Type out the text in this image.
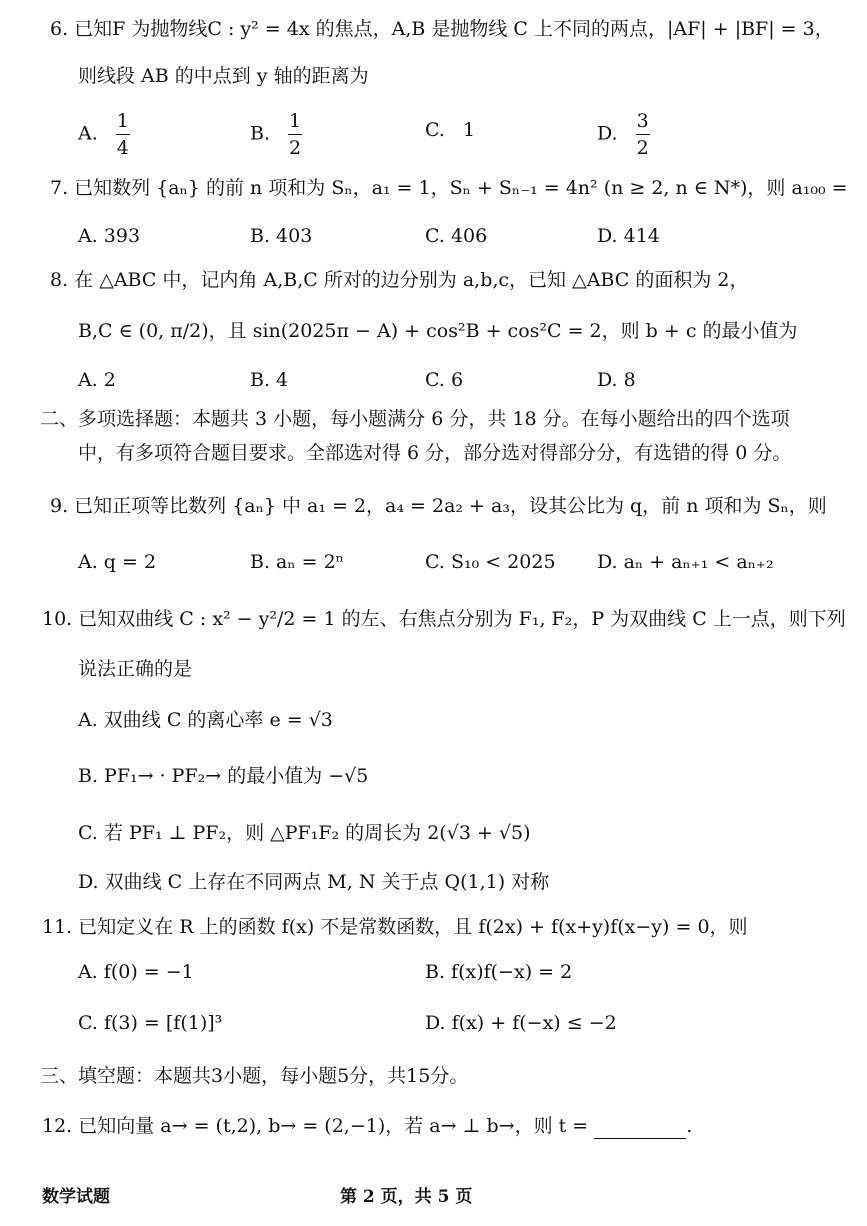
6. 已知F 为抛物线C : y² = 4x 的焦点，A,B 是抛物线 C 上不同的两点，|AF| + |BF| = 3，
则线段 AB 的中点到 y 轴的距离为
A. $\frac{1}{4}$	B. $\frac{1}{2}$	C. 1	D. $\frac{3}{2}$
7. 已知数列 {aₙ} 的前 n 项和为 Sₙ，a₁ = 1，Sₙ + Sₙ₋₁ = 4n² (n ≥ 2, n ∈ N*)，则 a₁₀₀ =
A. 393	B. 403	C. 406	D. 414
8. 在 △ABC 中，记内角 A,B,C 所对的边分别为 a,b,c，已知 △ABC 的面积为 2，
B,C ∈ (0, π/2)，且 sin(2025π − A) + cos²B + cos²C = 2，则 b + c 的最小值为
A. 2	B. 4	C. 6	D. 8
二、多项选择题：本题共 3 小题，每小题满分 6 分，共 18 分。在每小题给出的四个选项
中，有多项符合题目要求。全部选对得 6 分，部分选对得部分分，有选错的得 0 分。
9. 已知正项等比数列 {aₙ} 中 a₁ = 2，a₄ = 2a₂ + a₃，设其公比为 q，前 n 项和为 Sₙ，则
A. q = 2	B. aₙ = 2ⁿ	C. S₁₀ < 2025 D. aₙ + aₙ₊₁ < aₙ₊₂
10. 已知双曲线 C : x² − y²/2 = 1 的左、右焦点分别为 F₁, F₂，P 为双曲线 C 上一点，则下列
说法正确的是
A. 双曲线 C 的离心率 e = √3
B. PF₁→ · PF₂→ 的最小值为 −√5
C. 若 PF₁ ⊥ PF₂，则 △PF₁F₂ 的周长为 2(√3 + √5)
D. 双曲线 C 上存在不同两点 M, N 关于点 Q(1,1) 对称
11. 已知定义在 R 上的函数 f(x) 不是常数函数，且 f(2x) + f(x+y)f(x−y) = 0，则
A. f(0) = −1	B. f(x)f(−x) = 2
C. f(3) = [f(1)]³	D. f(x) + f(−x) ≤ −2
三、填空题：本题共3小题，每小题5分，共15分。
12. 已知向量 a→ = (t,2), b→ = (2,−1)，若 a→ ⊥ b→，则 t =	.
数学试题	第 2 页，共 5 页
